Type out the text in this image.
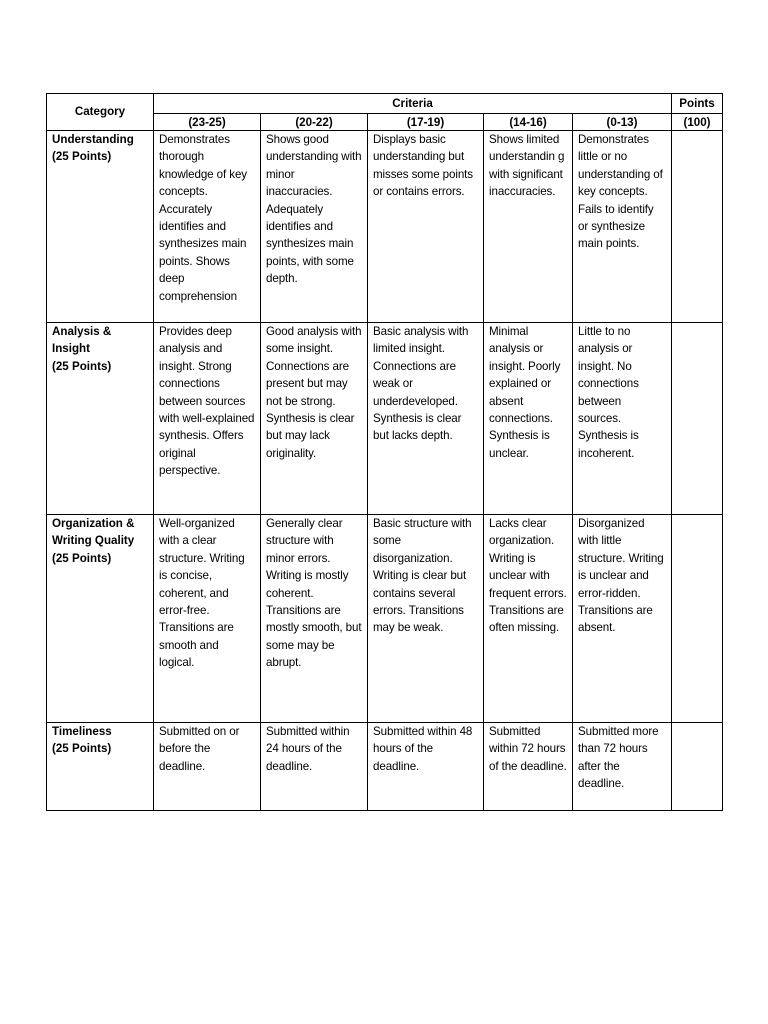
Category	Criteria					Points
	(23-25)	(20-22)	(17-19)	(14-16)	(0-13)	(100)

Understanding
(25 Points)	Demonstrates thorough knowledge of key concepts. Accurately identifies and synthesizes main points. Shows deep comprehension	Shows good understanding with minor inaccuracies. Adequately identifies and synthesizes main points, with some depth.	Displays basic understanding but misses some points or contains errors.	Shows limited understandin g with significant inaccuracies.	Demonstrates little or no understanding of key concepts. Fails to identify or synthesize main points.	

Analysis &
Insight
(25 Points)	Provides deep analysis and insight. Strong connections between sources with well-explained synthesis. Offers original perspective.	Good analysis with some insight. Connections are present but may not be strong. Synthesis is clear but may lack originality.	Basic analysis with limited insight. Connections are weak or underdeveloped. Synthesis is clear but lacks depth.	Minimal analysis or insight. Poorly explained or absent connections. Synthesis is unclear.	Little to no analysis or insight. No connections between sources. Synthesis is incoherent.	

Organization &
Writing Quality
(25 Points)	Well-organized with a clear structure. Writing is concise, coherent, and error-free. Transitions are smooth and logical.	Generally clear structure with minor errors. Writing is mostly coherent. Transitions are mostly smooth, but some may be abrupt.	Basic structure with some disorganization. Writing is clear but contains several errors. Transitions may be weak.	Lacks clear organization. Writing is unclear with frequent errors. Transitions are often missing.	Disorganized with little structure. Writing is unclear and error-ridden. Transitions are absent.	

Timeliness
(25 Points)	Submitted on or before the deadline.	Submitted within 24 hours of the deadline.	Submitted within 48 hours of the deadline.	Submitted within 72 hours of the deadline.	Submitted more than 72 hours after the deadline.	
